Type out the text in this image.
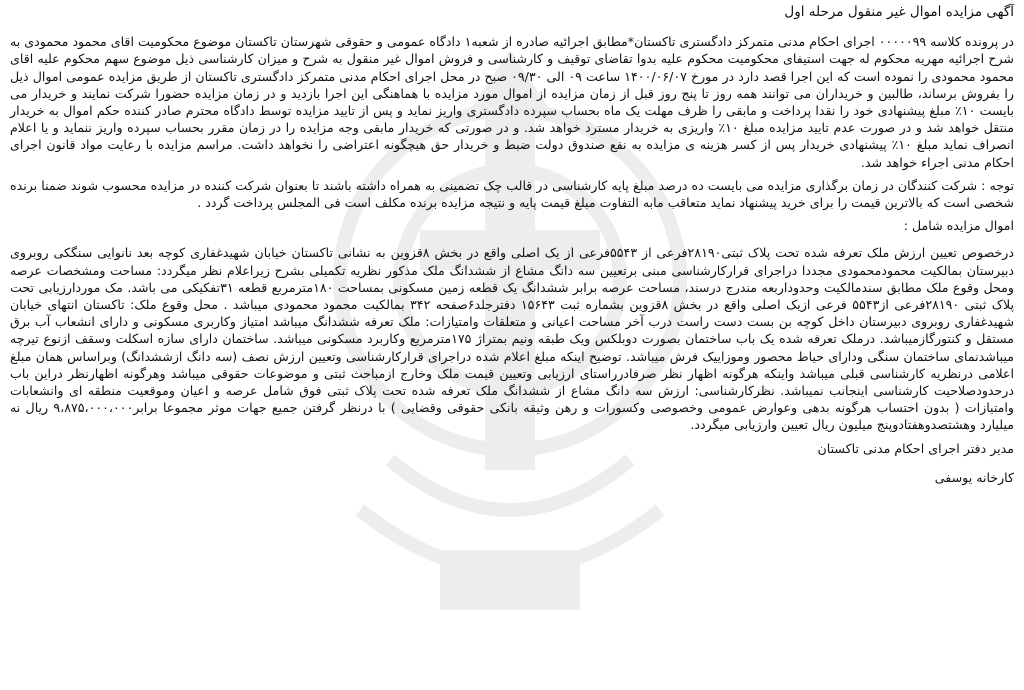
آگهی مزایده اموال غیر منقول مرحله اول

در پرونده کلاسه ۰۰۰۰۰۹۹ اجرای احکام مدنی متمرکز دادگستری تاکستان*مطابق اجرائیه صادره از شعبه۱ دادگاه عمومی و حقوقی شهرستان تاکستان موضوع محکومیت اقای محمود محمودی به شرح اجرائیه مهریه محکوم له جهت استیفای محکومیت محکوم علیه بدوا تقاضای توقیف و کارشناسی و فروش اموال غیر منقول به شرح و میزان کارشناسی ذیل موضوع سهم محکوم علیه اقای محمود محمودی را نموده است که این اجرا قصد دارد در مورخ ۱۴۰۰/۰۶/۰۷ ساعت ۰۹ الی ۰۹/۳۰ صبح در محل اجرای احکام مدنی متمرکز دادگستری تاکستان از طریق مزایده عمومی اموال ذیل را بفروش برساند، طالبین و خریداران می توانند همه روز تا پنج روز قبل از زمان مزایده از اموال مورد مزایده با هماهنگی این اجرا بازدید و در زمان مزایده حضورا شرکت نمایند و خریدار می بایست ۱۰٪ مبلغ پیشنهادی خود را نقدا پرداخت و مابقی را ظرف مهلت یک ماه بحساب سپرده دادگستری واریز نماید و پس از تایید مزایده توسط دادگاه محترم صادر کننده حکم اموال به خریدار منتقل خواهد شد و در صورت عدم تایید مزایده مبلغ ۱۰٪ واریزی به خریدار مسترد خواهد شد. و در صورتی که خریدار مابقی وجه مزایده را در زمان مقرر بحساب سپرده واریز ننماید و یا اعلام انصراف نماید مبلغ ۱۰٪ پیشنهادی خریدار پس از کسر هزینه ی مزایده به نفع صندوق دولت ضبط و خریدار حق هیچگونه اعتراضی را نخواهد داشت. مراسم مزایده با رعایت مواد قانون اجرای احکام مدنی اجراء خواهد شد.

توجه : شرکت کنندگان در زمان برگذاری مزایده می بایست ده درصد مبلغ پایه کارشناسی در قالب چک تضمینی به همراه داشته باشند تا بعنوان شرکت کننده در مزایده محسوب شوند ضمنا برنده شخصی است که بالاترین قیمت را برای خرید پیشنهاد نماید متعاقب مابه التفاوت مبلغ قیمت پایه و نتیجه مزایده برنده مکلف است فی المجلس پرداخت گردد .

اموال مزایده شامل :

درخصوص تعیین ارزش ملک تعرفه شده تحت پلاک ثبتی۲۸۱۹۰فرعی از ۵۵۴۳فرعی از یک اصلی واقع در بخش ۸قزوین به نشانی تاکستان خیابان شهیدغفاری کوچه بعد نانوایی سنگکی روبروی دبیرستان بمالکیت محمودمحمودی مجددا دراجرای قرارکارشناسی مبنی برتعیین سه دانگ مشاع از ششدانگ ملک مذکور نظریه تکمیلی بشرح زیراعلام نظر میگردد: مساحت ومشخصات عرصه ومحل وقوع ملک مطابق سندمالکیت وحدوداربعه مندرج درسند، مساحت عرصه برابر ششدانگ یک قطعه زمین مسکونی بمساحت ۱۸۰مترمربع قطعه ۳۱تفکیکی می باشد. مک موردارزیابی تحت پلاک ثبتی ۲۸۱۹۰فرعی از۵۵۴۳ فرعی ازیک اصلی واقع در بخش ۸قزوین بشماره ثبت ۱۵۶۴۳ دفترجلد۶صفحه ۳۴۲ بمالکیت محمود محمودی میباشد . محل وقوع ملک: تاکستان انتهای خیابان شهیدغفاری روبروی دبیرستان داخل کوچه بن بست دست راست درب آخر مساحت اعیانی و متعلقات وامتیازات: ملک تعرفه ششدانگ میباشد امتیاز وکاربری مسکونی و دارای انشعاب آب برق مستقل و کنتورگازمیباشد. درملک تعرفه شده یک باب ساختمان بصورت دوبلکس ویک طبقه ونیم بمتراژ ۱۷۵مترمربع وکاربرد مسکونی میباشد. ساختمان دارای سازه اسکلت وسقف ازنوع تیرچه میباشدنمای ساختمان سنگی ودارای حیاط محصور وموزاییک فرش میباشد. توضیح اینکه مبلغ اعلام شده دراجرای قرارکارشناسی وتعیین ارزش نصف (سه دانگ ازششدانگ) وبراساس همان مبلغ اعلامی درنظریه کارشناسی قبلی میباشد واینکه هرگونه اظهار نظر صرفادرراستای ارزیابی وتعیین قیمت ملک وخارج ازمباحث ثبتی و موضوعات حقوقی میباشد وهرگونه اظهارنظر دراین باب درحدودصلاحیت کارشناسی اینجانب نمیباشد. نظرکارشناسی: ارزش سه دانگ مشاع از ششدانگ ملک تعرفه شده تحت پلاک ثبتی فوق شامل عرصه و اعیان وموقعیت منطقه ای وانشعابات وامتیازات ( بدون احتساب هرگونه بدهی وعوارض عمومی وخصوصی وکسورات و رهن وثیقه بانکی حقوقی وقضایی ) با درنظر گرفتن جمیع جهات موثر مجموعا برابر۹،۸۷۵،۰۰۰،۰۰۰ ریال نه میلیارد وهشتصدوهفتادوپنج میلیون ریال تعیین وارزیابی میگردد.

مدیر دفتر اجرای احکام مدنی تاکستان

کارخانه یوسفی
